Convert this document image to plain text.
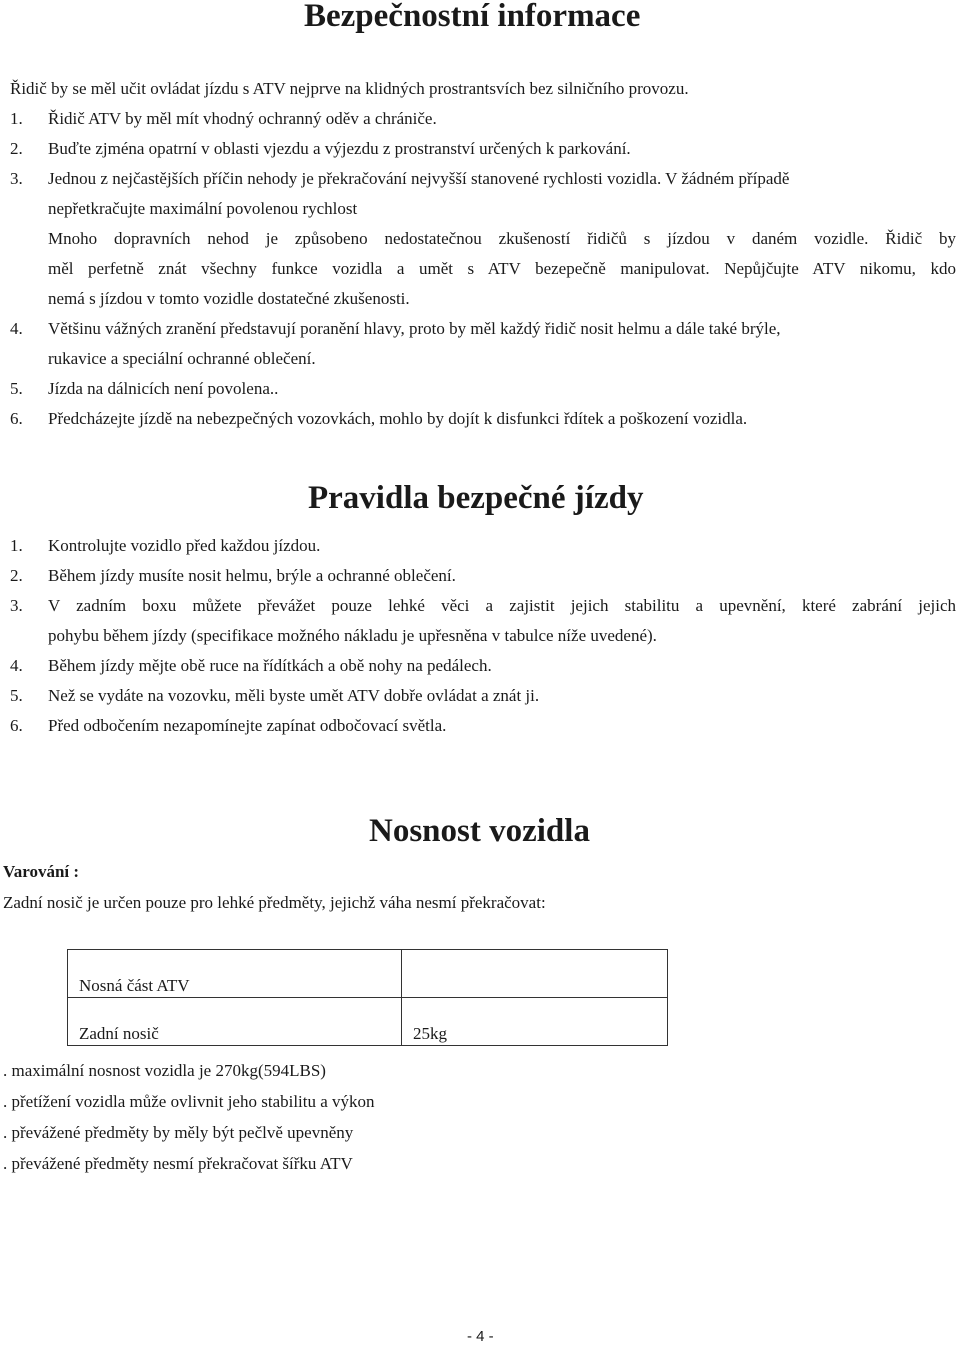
Bezpečnostní informace
Řidič by se měl učit ovládat jízdu s ATV nejprve na klidných prostrantsvích bez silničního provozu.
1. Řidič ATV by měl mít vhodný ochranný oděv a chrániče.
2. Buďte zjména opatrní v oblasti vjezdu a výjezdu z prostranství určených k parkování.
3. Jednou z nejčastějších příčin nehody je překračování nejvyšší stanovené rychlosti vozidla. V žádném případě
nepřetkračujte maximální povolenou rychlost
Mnoho dopravních nehod je způsobeno nedostatečnou zkušeností řidičů s jízdou v daném vozidle. Řidič by
měl perfetně znát všechny funkce vozidla a umět s ATV bezepečně manipulovat. Nepůjčujte ATV nikomu, kdo
nemá s jízdou v tomto vozidle dostatečné zkušenosti.
4. Většinu vážných zranění představují poranění hlavy, proto by měl každý řidič nosit helmu a dále také brýle,
rukavice a speciální ochranné oblečení.
5. Jízda na dálnicích není povolena..
6. Předcházejte jízdě na nebezpečných vozovkách, mohlo by dojít k disfunkci řdítek a poškození vozidla.
Pravidla bezpečné jízdy
1. Kontrolujte vozidlo před každou jízdou.
2. Během jízdy musíte nosit helmu, brýle a ochranné oblečení.
3. V zadním boxu můžete převážet pouze lehké věci a zajistit jejich stabilitu a upevnění, které zabrání jejich
pohybu během jízdy (specifikace možného nákladu je upřesněna v tabulce níže uvedené).
4. Během jízdy mějte obě ruce na řídítkách a obě nohy na pedálech.
5. Než se vydáte na vozovku, měli byste umět ATV dobře ovládat a znát ji.
6. Před odbočením nezapomínejte zapínat odbočovací světla.
Nosnost vozidla
Varování :
Zadní nosič je určen pouze pro lehké předměty, jejichž váha nesmí překračovat:
Nosná část ATV	
Zadní nosič	25kg
. maximální nosnost vozidla je 270kg(594LBS)
. přetížení vozidla může ovlivnit jeho stabilitu a výkon
. převážené předměty by měly být pečlvě upevněny
. převážené předměty nesmí překračovat šířku ATV
- 4 -
